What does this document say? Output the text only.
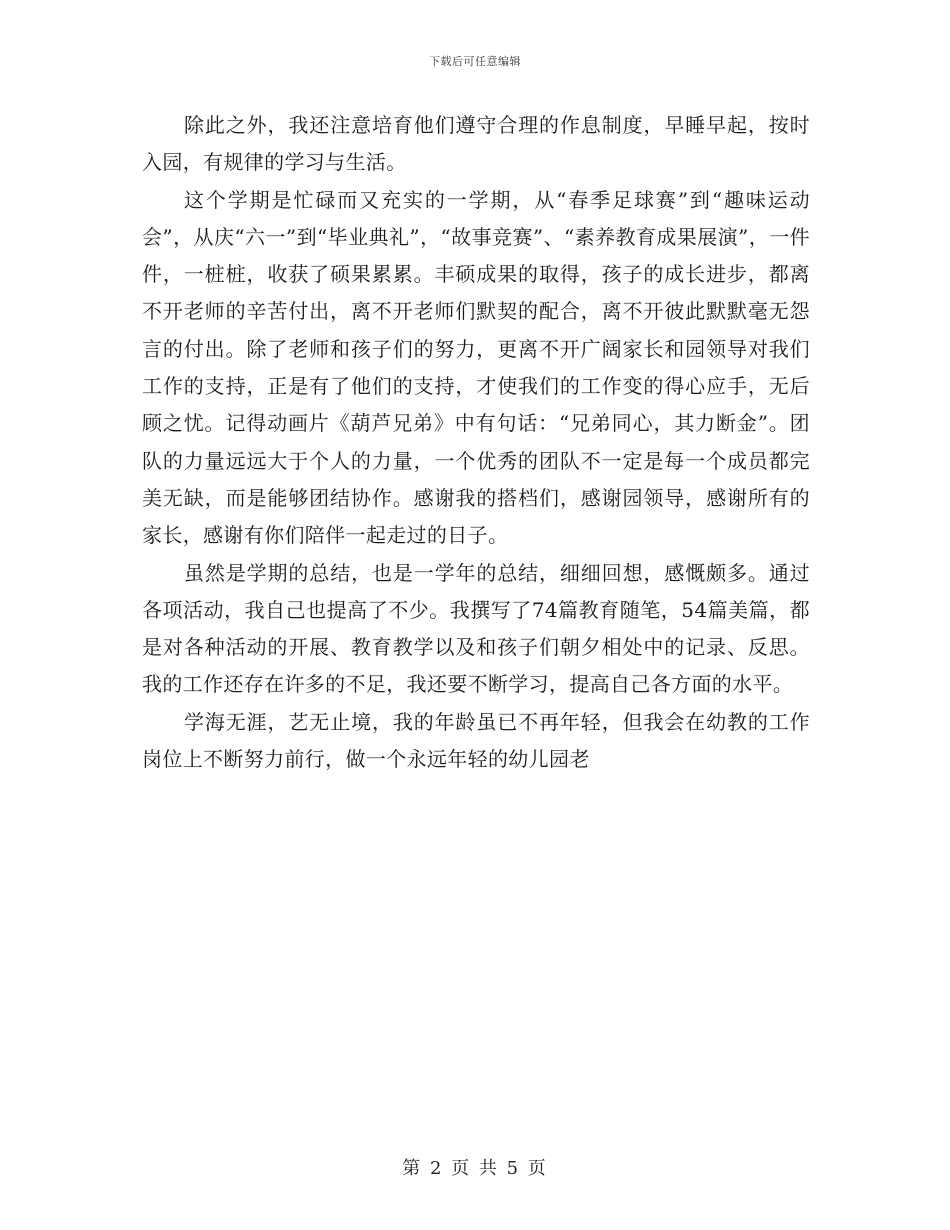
下载后可任意编辑

除此之外，我还注意培育他们遵守合理的作息制度，早睡早起，按时入园，有规律的学习与生活。

这个学期是忙碌而又充实的一学期，从“春季足球赛”到“趣味运动会”，从庆“六一”到“毕业典礼”，“故事竞赛”、“素养教育成果展演”，一件件，一桩桩，收获了硕果累累。丰硕成果的取得，孩子的成长进步，都离不开老师的辛苦付出，离不开老师们默契的配合，离不开彼此默默毫无怨言的付出。除了老师和孩子们的努力，更离不开广阔家长和园领导对我们工作的支持，正是有了他们的支持，才使我们的工作变的得心应手，无后顾之忧。记得动画片《葫芦兄弟》中有句话：“兄弟同心，其力断金”。团队的力量远远大于个人的力量，一个优秀的团队不一定是每一个成员都完美无缺，而是能够团结协作。感谢我的搭档们，感谢园领导，感谢所有的家长，感谢有你们陪伴一起走过的日子。

虽然是学期的总结，也是一学年的总结，细细回想，感慨颇多。通过各项活动，我自己也提高了不少。我撰写了74篇教育随笔，54篇美篇，都是对各种活动的开展、教育教学以及和孩子们朝夕相处中的记录、反思。我的工作还存在许多的不足，我还要不断学习，提高自己各方面的水平。

学海无涯，艺无止境，我的年龄虽已不再年轻，但我会在幼教的工作岗位上不断努力前行，做一个永远年轻的幼儿园老

第 2 页 共 5 页
